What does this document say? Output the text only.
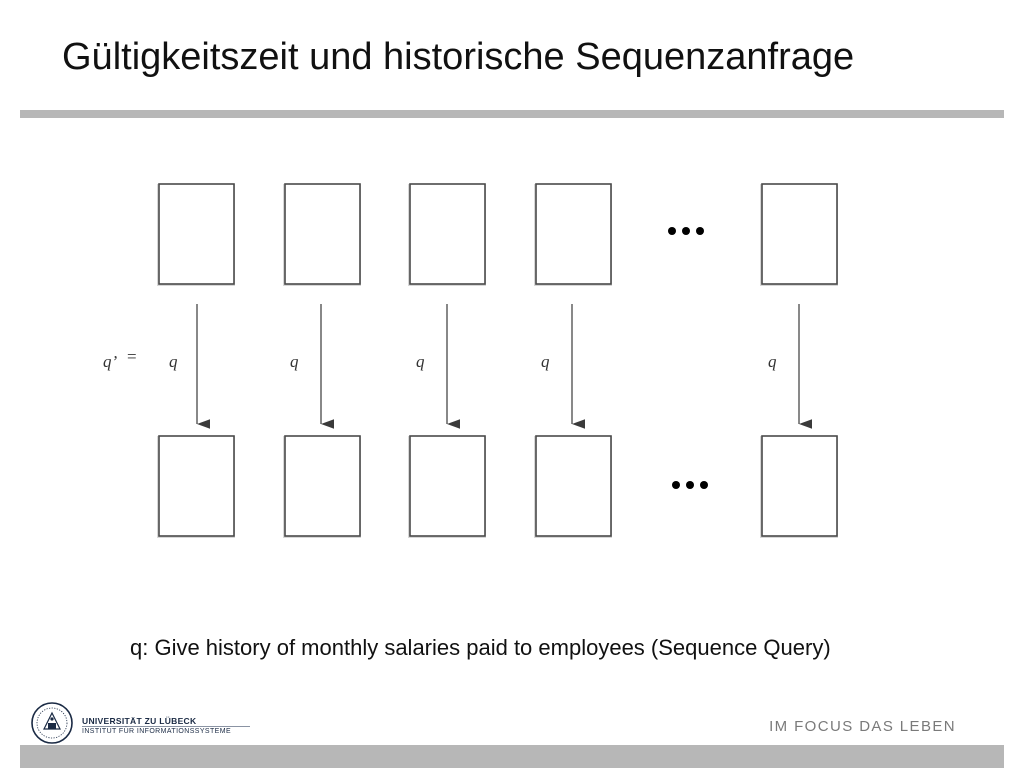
Gültigkeitszeit und historische Sequenzanfrage
q’ = q	q	q	q	q
q: Give history of monthly salaries paid to employees (Sequence Query)
UNIVERSITÄT ZU LÜBECK
INSTITUT FÜR INFORMATIONSSYSTEME	IM FOCUS DAS LEBEN
